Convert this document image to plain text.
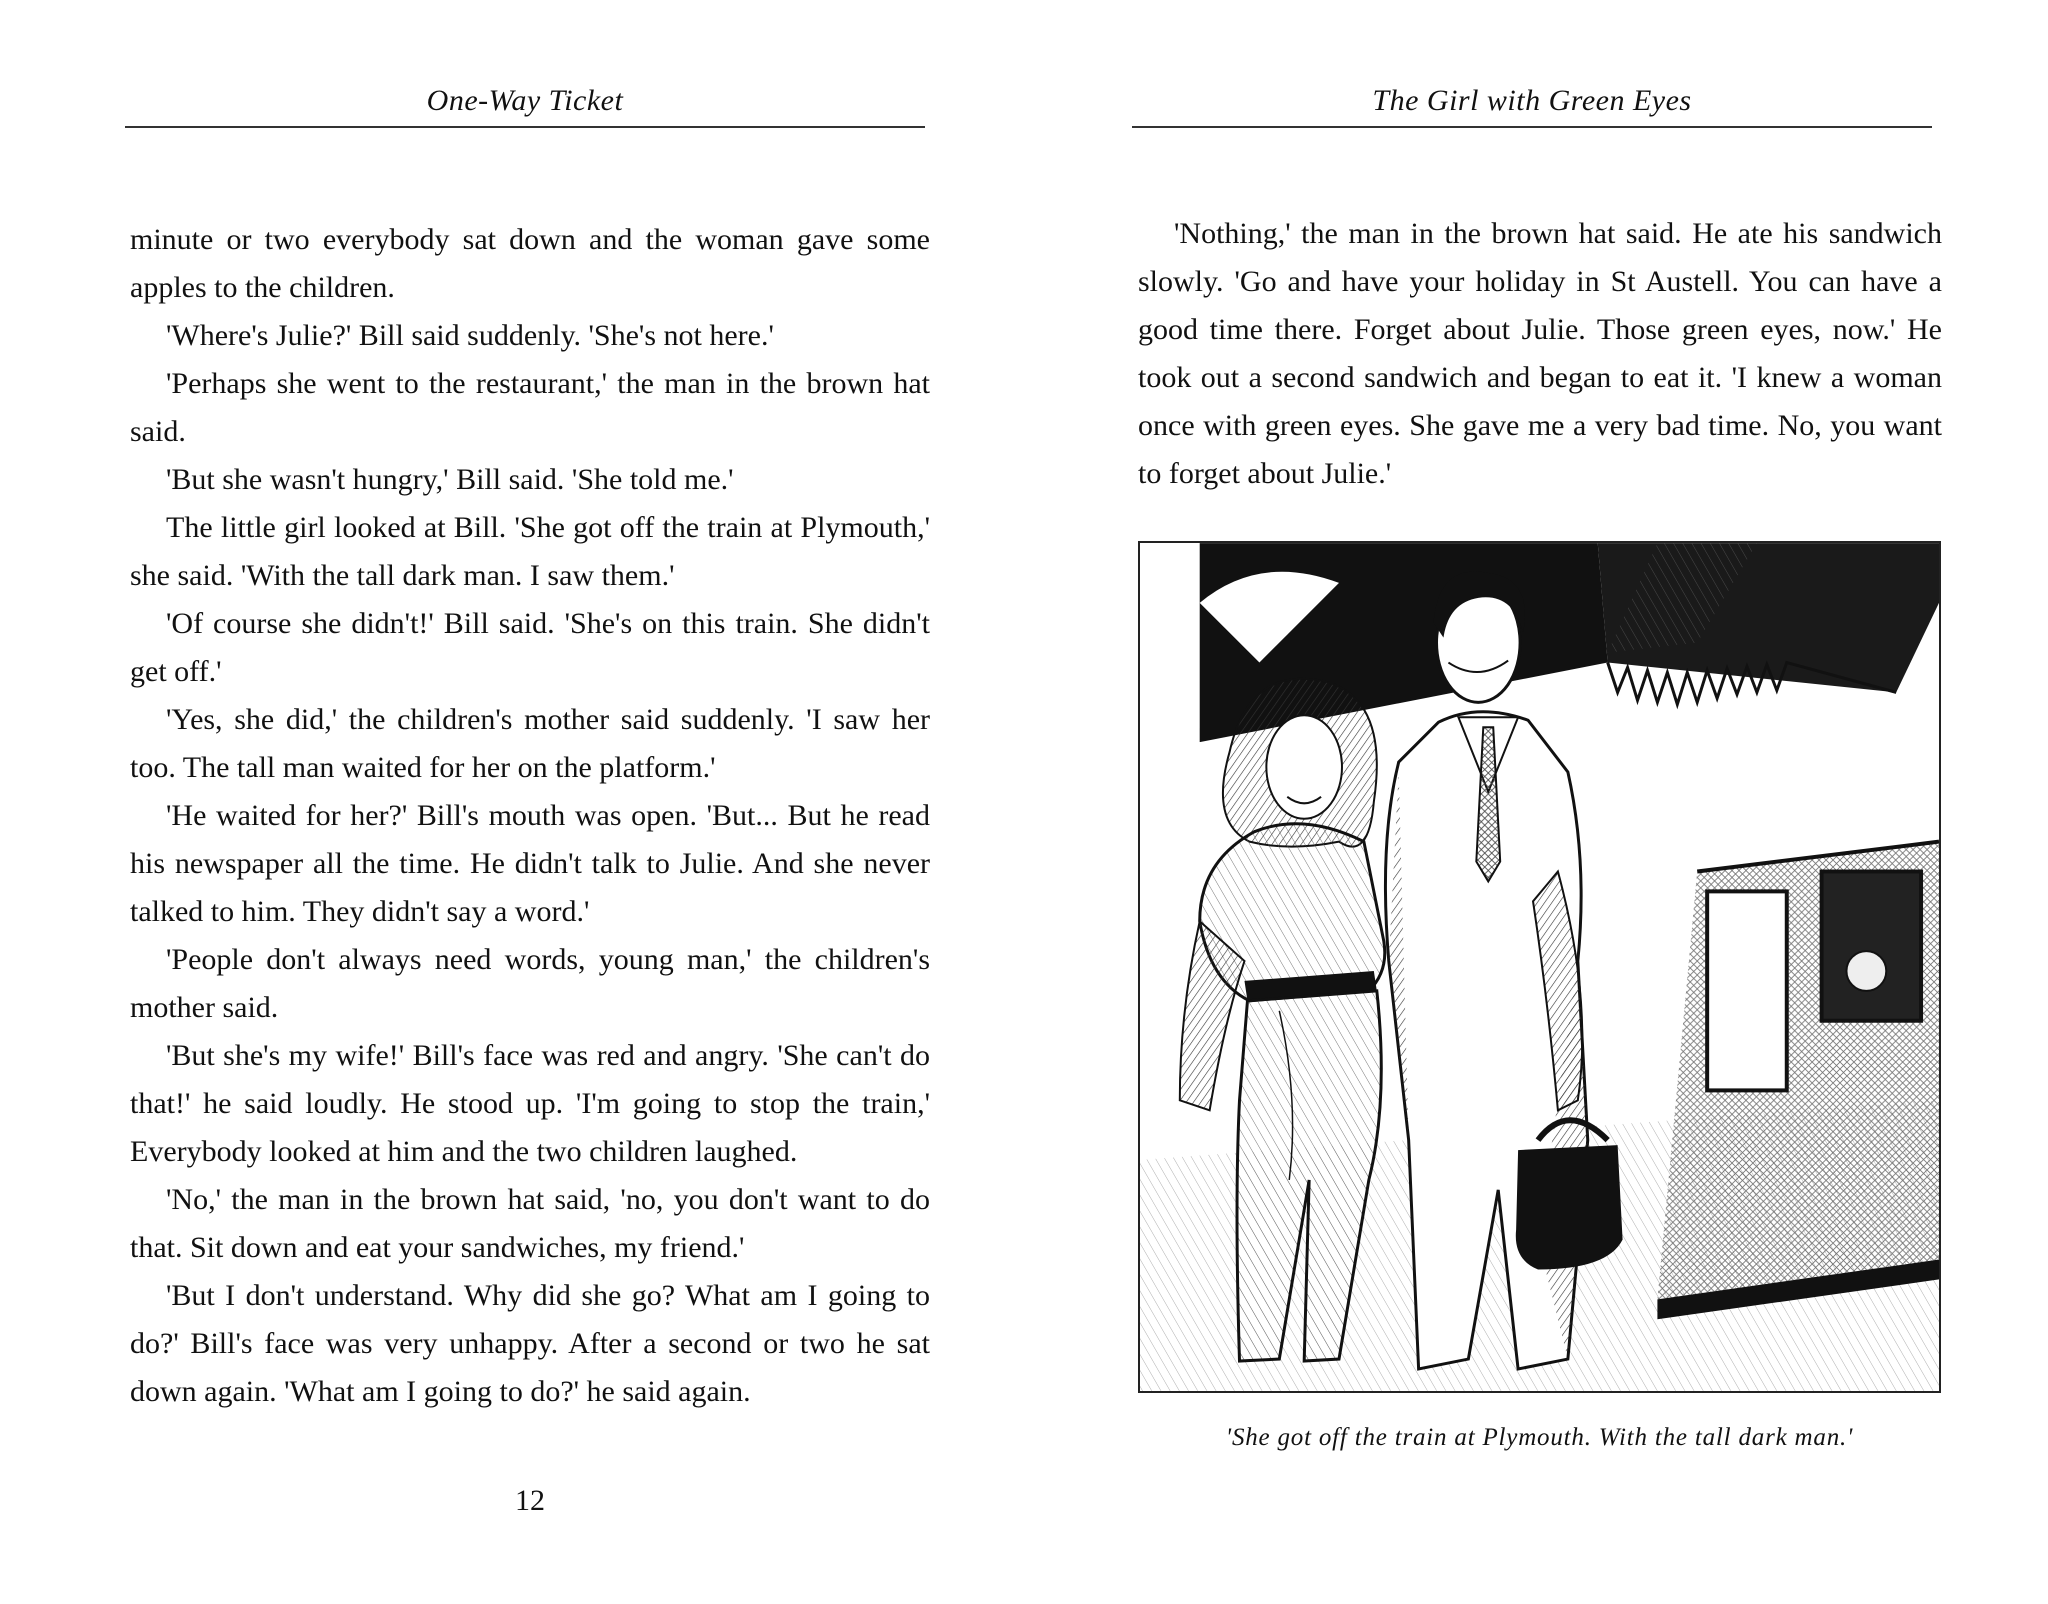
One-Way Ticket

minute or two everybody sat down and the woman gave some apples to the children.

'Where's Julie?' Bill said suddenly. 'She's not here.'

'Perhaps she went to the restaurant,' the man in the brown hat said.

'But she wasn't hungry,' Bill said. 'She told me.'

The little girl looked at Bill. 'She got off the train at Plymouth,' she said. 'With the tall dark man. I saw them.'

'Of course she didn't!' Bill said. 'She's on this train. She didn't get off.'

'Yes, she did,' the children's mother said suddenly. 'I saw her too. The tall man waited for her on the platform.'

'He waited for her?' Bill's mouth was open. 'But... But he read his newspaper all the time. He didn't talk to Julie. And she never talked to him. They didn't say a word.'

'People don't always need words, young man,' the children's mother said.

'But she's my wife!' Bill's face was red and angry. 'She can't do that!' he said loudly. He stood up. 'I'm going to stop the train,' Everybody looked at him and the two children laughed.

'No,' the man in the brown hat said, 'no, you don't want to do that. Sit down and eat your sandwiches, my friend.'

'But I don't understand. Why did she go? What am I going to do?' Bill's face was very unhappy. After a second or two he sat down again. 'What am I going to do?' he said again.

12
The Girl with Green Eyes

'Nothing,' the man in the brown hat said. He ate his sandwich slowly. 'Go and have your holiday in St Austell. You can have a good time there. Forget about Julie. Those green eyes, now.' He took out a second sandwich and began to eat it. 'I knew a woman once with green eyes. She gave me a very bad time. No, you want to forget about Julie.'

'She got off the train at Plymouth. With the tall dark man.'
